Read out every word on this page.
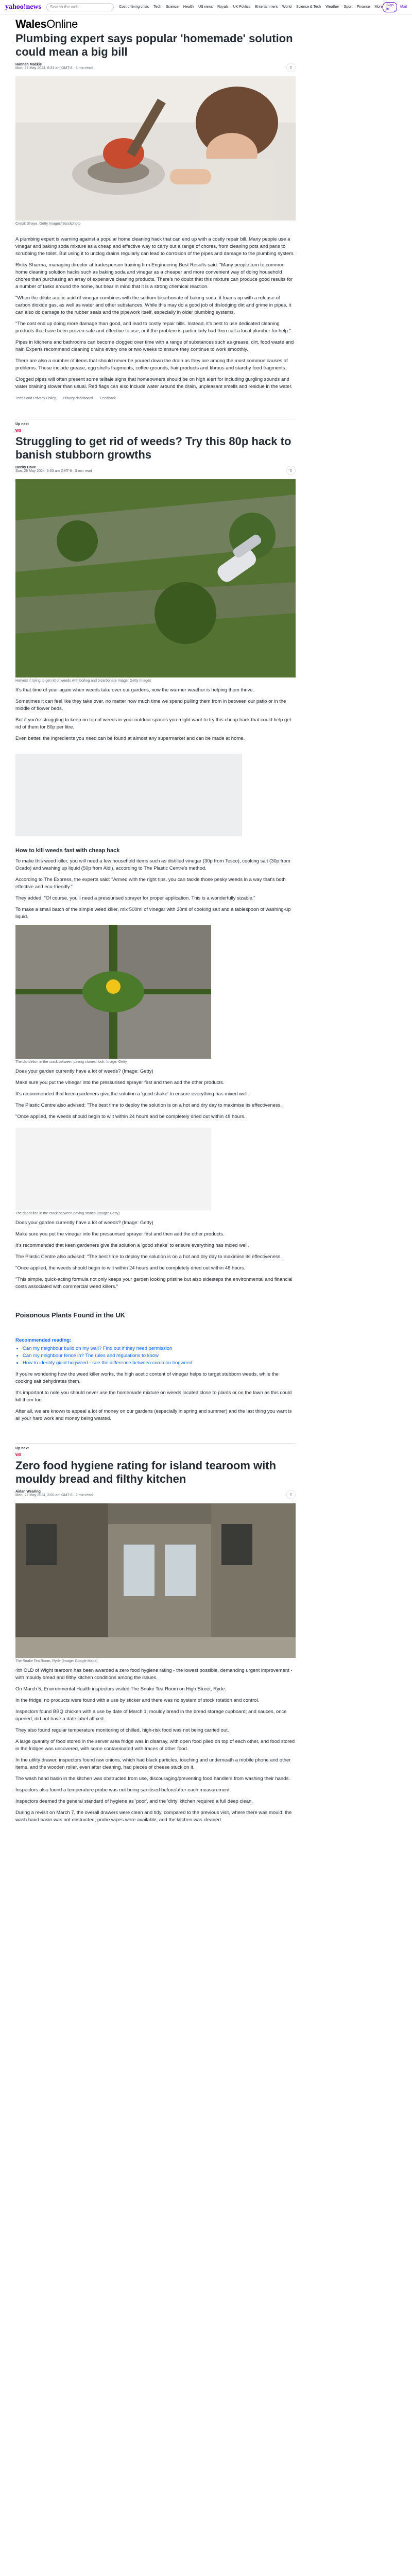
yahoo!news	Search the web	Cost of living crisis Tech Science Health US news Royals UK Politics Entertainment World Science & Tech Weather Sport Finance More	Sign in	Mail
WalesOnline
Plumbing expert says popular 'homemade' solution could mean a big bill
Hannah Mackie
Mon, 27 May 2024, 6:31 am GMT-8 · 3 min read	⇪
Credit: Shaye, Getty Images/iStockphoto

A plumbing expert is warning against a popular home cleaning hack that can end up with a costly repair bill. Many people use a vinegar and baking soda mixture as a cheap and effective way to carry out a range of chores, from cleaning pots and pans to scrubbing the toilet. But using it to unclog drains regularly can lead to corrosion of the pipes and damage to the plumbing system.

Ricky Sharma, managing director at tradesperson training firm Engineering Best Results said: "Many people turn to common home cleaning solution hacks such as baking soda and vinegar as a cheaper and more convenient way of doing household chores than purchasing an array of expensive cleaning products. There's no doubt that this mixture can produce good results for a number of tasks around the home, but bear in mind that it is a strong chemical reaction.

"When the dilute acetic acid of vinegar combines with the sodium bicarbonate of baking soda, it foams up with a release of carbon dioxide gas, as well as water and other substances. While this may do a good job of dislodging dirt and grime in pipes, it can also do damage to the rubber seals and the pipework itself, especially in older plumbing systems.

"The cost end up doing more damage than good, and lead to costly repair bills. Instead, it's best to use dedicated cleaning products that have been proven safe and effective to use, or if the problem is particularly bad then call a local plumber for help."

Pipes in kitchens and bathrooms can become clogged over time with a range of substances such as grease, dirt, food waste and hair. Experts recommend cleaning drains every one or two weeks to ensure they continue to work smoothly.

There are also a number of items that should never be poured down the drain as they are among the most common causes of problems. These include grease, egg shells fragments, coffee grounds, hair products and fibrous and starchy food fragments.

Clogged pipes will often present some telltale signs that homeowners should be on high alert for including gurgling sounds and water draining slower than usual. Red flags can also include water around the drain, unpleasant smells and residue in the water.

Terms and Privacy Policy Privacy dashboard Feedback
Up next
WS
Struggling to get rid of weeds? Try this 80p hack to banish stubborn growths
Becky Dove
Sun, 26 May 2024, 5:30 am GMT-8 · 3 min read	⇪
Harvest if trying to get rid of weeds with boiling and bicarbonate Image: Getty Images

It's that time of year again when weeds take over our gardens, now the warmer weather is helping them thrive.

Sometimes it can feel like they take over, no matter how much time we spend pulling them from in between our patio or in the middle of flower beds.

But if you're struggling to keep on top of weeds in your outdoor spaces you might want to try this cheap hack that could help get rid of them for 80p per litre.

Even better, the ingredients you need can be found at almost any supermarket and can be made at home.

How to kill weeds fast with cheap hack

To make this weed killer, you will need a few household items such as distilled vinegar (30p from Tesco), cooking salt (30p from Ocado) and washing up liquid (50p from Aldi), according to The Plastic Centre's method.

According to The Express, the experts said: "Armed with the right tips, you can tackle those pesky weeds in a way that's both effective and eco-friendly."

They added: "Of course, you'll need a pressurised sprayer for proper application. This is a wonderfully sizable."

To make a small batch of the simple weed killer, mix 500ml of vinegar with 30ml of cooking salt and a tablespoon of washing-up liquid.

The dandelion in the crack between paving stones, look. Image: Getty

Does your garden currently have a lot of weeds? (Image: Getty)

Make sure you put the vinegar into the pressurised sprayer first and then add the other products.

It's recommended that keen gardeners give the solution a 'good shake' to ensure everything has mixed well.

The Plastic Centre also advised: "The best time to deploy the solution is on a hot and dry day to maximise its effectiveness.

"Once applied, the weeds should begin to wilt within 24 hours and be completely dried out within 48 hours.

The dandelion in the crack between paving stones (Image: Getty)

Does your garden currently have a lot of weeds? (Image: Getty)

Make sure you put the vinegar into the pressurised sprayer first and then add the other products.

It's recommended that keen gardeners give the solution a 'good shake' to ensure everything has mixed well.

The Plastic Centre also advised: "The best time to deploy the solution is on a hot and dry day to maximise its effectiveness.

"Once applied, the weeds should begin to wilt within 24 hours and be completely dried out within 48 hours.

"This simple, quick-acting formula not only keeps your garden looking pristine but also sidesteps the environmental and financial costs associated with commercial weed killers."

Poisonous Plants Found in the UK
Recommended reading:
• Can my neighbour build on my wall? Find out if they need permission
• Can my neighbour fence in? The rules and regulations to know
• How to identify giant hogweed - see the difference between common hogweed

If you're wondering how the weed killer works, the high acetic content of vinegar helps to target stubborn weeds, while the cooking salt dehydrates them.

It's important to note you should never use the homemade mixture on weeds located close to plants or on the lawn as this could kill them too.

After all, we are known to appeal a lot of money on our gardens (especially in spring and summer) and the last thing you want is all your hard work and money being wasted.

Up next
WS
Zero food hygiene rating for island tearoom with mouldy bread and filthy kitchen
Aidan Wearing
Mon, 27 May 2024, 3:00 am GMT-8 · 2 min read	⇪
The Snake Tea Room, Ryde (Image: Google Maps)

4th OLD of Wight tearoom has been awarded a zero food hygiene rating - the lowest possible, demanding urgent improvement - with mouldy bread and filthy kitchen conditions among the issues.

On March 5, Environmental Health inspectors visited The Snake Tea Room on High Street, Ryde.

In the fridge, no products were found with a use by sticker and there was no system of stock rotation and control.

Inspectors found BBQ chicken with a use by date of March 1; mouldy bread in the bread storage cupboard; and sauces, once opened, did not have a date label affixed.

They also found regular temperature monitoring of chilled, high-risk food was not being carried out.

A large quantity of food stored in the server area fridge was in disarray, with open food piled on top of each other, and food stored in the fridges was uncovered, with some contaminated with traces of other food.

In the utility drawer, inspectors found raw onions, which had black particles, touching and underneath a mobile phone and other items, and the wooden roller, even after cleaning, had pieces of cheese stuck on it.

The wash hand basin in the kitchen was obstructed from use, discouraging/preventing food handlers from washing their hands.

Inspectors also found a temperature probe was not being sanitised before/after each measurement.

Inspectors deemed the general standard of hygiene as 'poor', and the 'dirty' kitchen required a full deep clean.

During a revisit on March 7, the overall drawers were clean and tidy, compared to the previous visit, where there was mould; the wash hand basin was not obstructed; probe wipes were available; and the kitchen was cleaned.
